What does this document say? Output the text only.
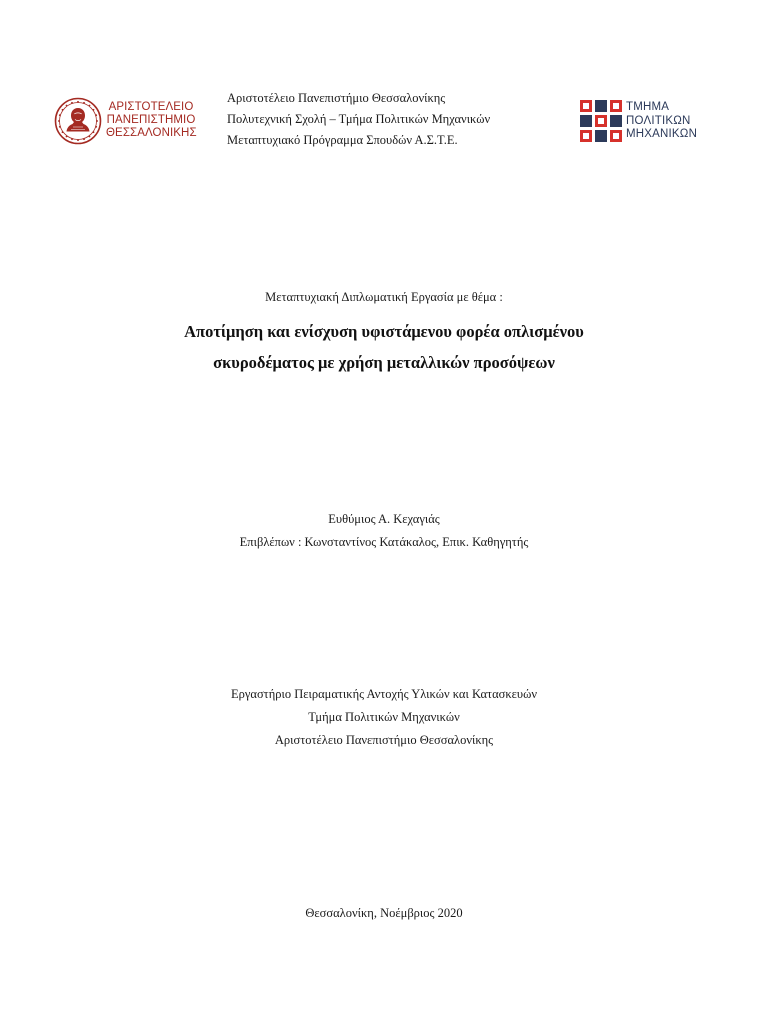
ΑΡΙΣΤΟΤΕΛΕΙΟ
ΠΑΝΕΠΙΣΤΗΜΙΟ
ΘΕΣΣΑΛΟΝΙΚΗΣ
Αριστοτέλειο Πανεπιστήμιο Θεσσαλονίκης
Πολυτεχνική Σχολή – Τμήμα Πολιτικών Μηχανικών
Μεταπτυχιακό Πρόγραμμα Σπουδών Α.Σ.Τ.Ε.
ΤΜΗΜΑ
ΠΟΛΙΤΙΚΩΝ
ΜΗΧΑΝΙΚΩΝ
Μεταπτυχιακή Διπλωματική Εργασία με θέμα :
Αποτίμηση και ενίσχυση υφιστάμενου φορέα οπλισμένου
σκυροδέματος με χρήση μεταλλικών προσόψεων
Ευθύμιος Α. Κεχαγιάς
Επιβλέπων : Κωνσταντίνος Κατάκαλος, Επικ. Καθηγητής
Εργαστήριο Πειραματικής Αντοχής Υλικών και Κατασκευών
Τμήμα Πολιτικών Μηχανικών
Αριστοτέλειο Πανεπιστήμιο Θεσσαλονίκης
Θεσσαλονίκη, Νοέμβριος 2020
